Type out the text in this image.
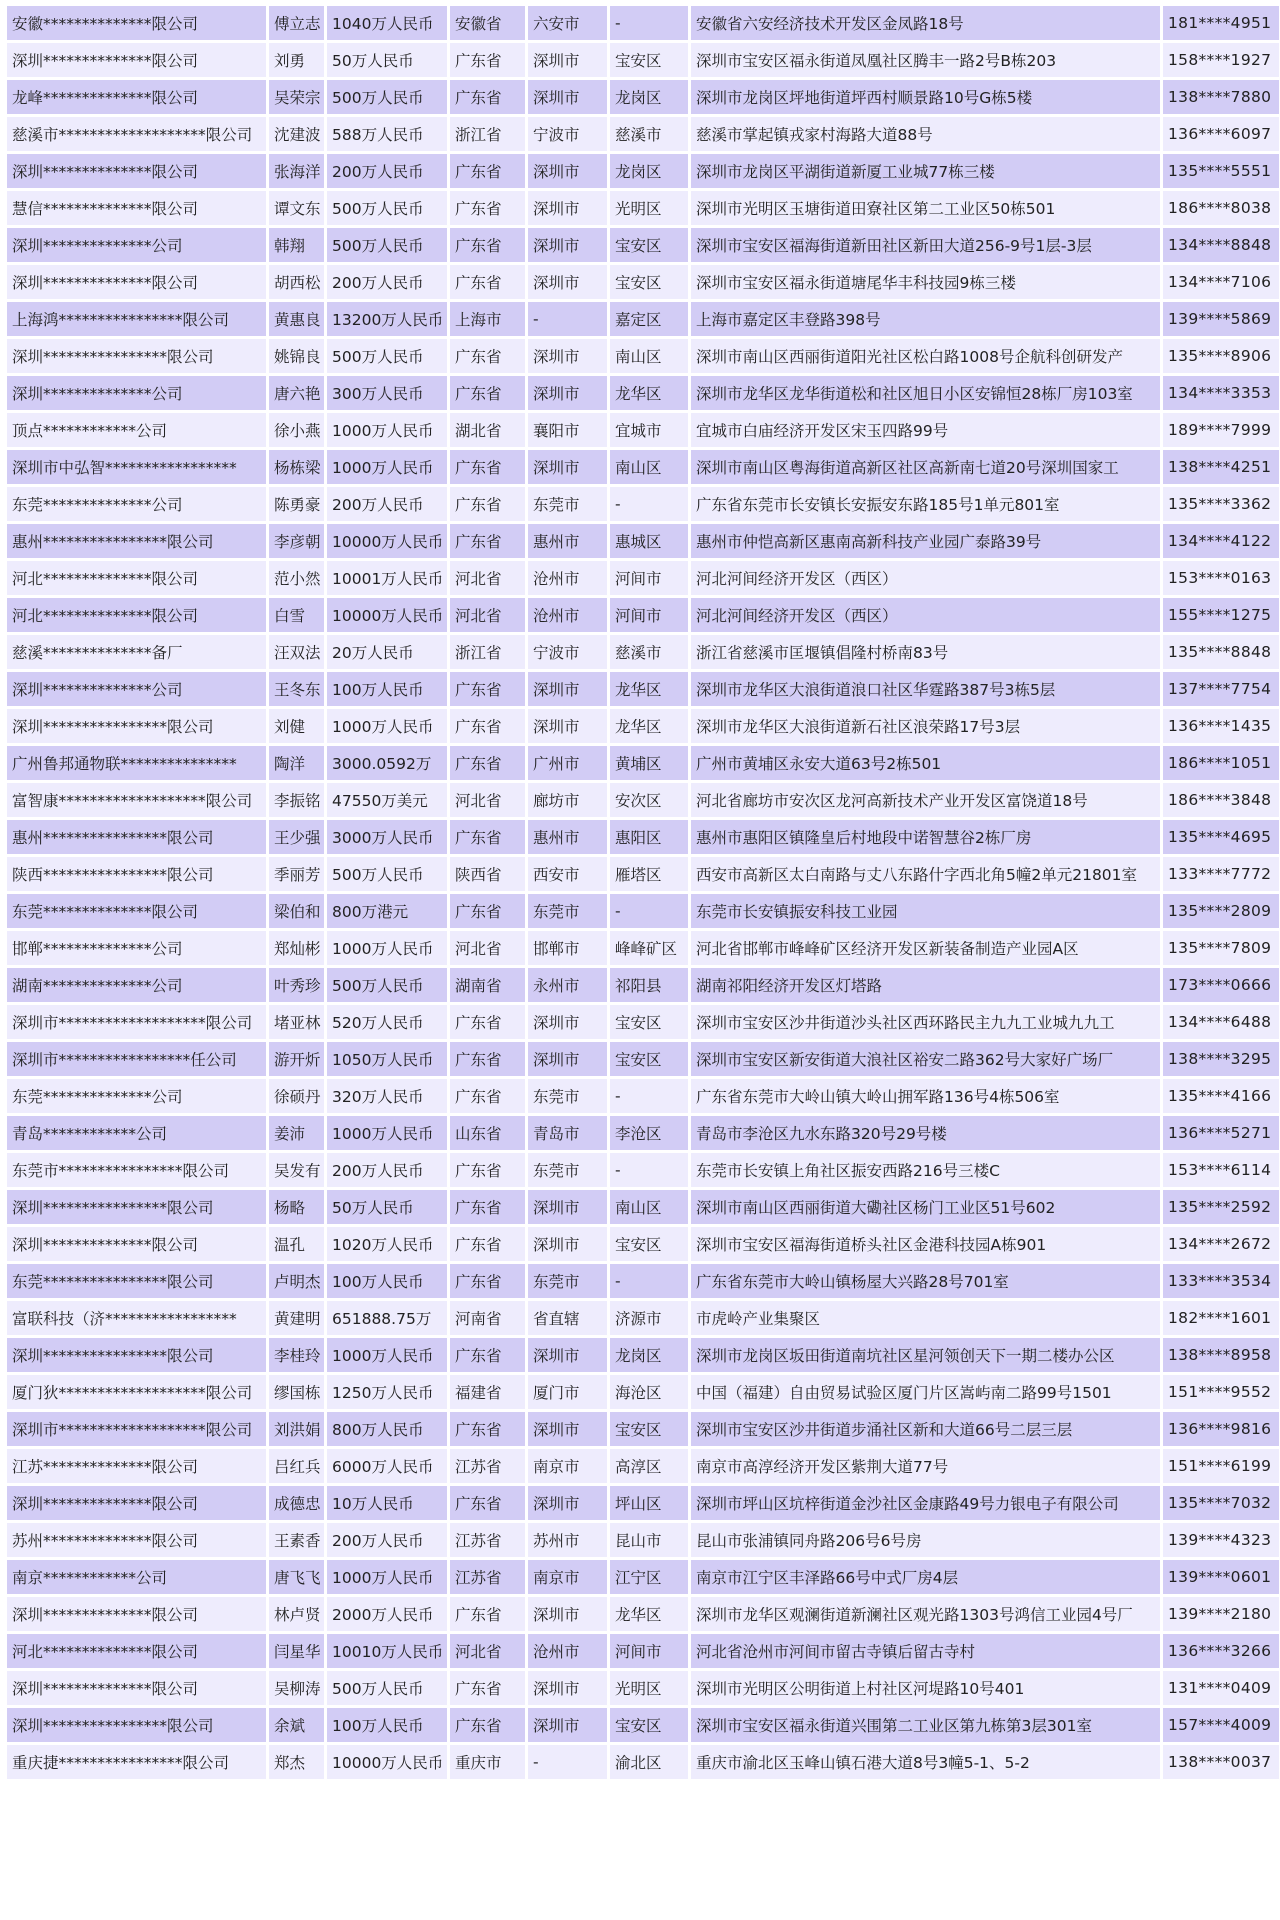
安徽**************限公司	傅立志	1040万人民币	安徽省	六安市	-	安徽省六安经济技术开发区金凤路18号	181****4951
深圳**************限公司	刘勇	50万人民币	广东省	深圳市	宝安区	深圳市宝安区福永街道凤凰社区腾丰一路2号B栋203	158****1927
龙峰**************限公司	吴荣宗	500万人民币	广东省	深圳市	龙岗区	深圳市龙岗区坪地街道坪西村顺景路10号G栋5楼	138****7880
慈溪市*******************限公司	沈建波	588万人民币	浙江省	宁波市	慈溪市	慈溪市掌起镇戎家村海路大道88号	136****6097
深圳**************限公司	张海洋	200万人民币	广东省	深圳市	龙岗区	深圳市龙岗区平湖街道新厦工业城77栋三楼	135****5551
慧信**************限公司	谭文东	500万人民币	广东省	深圳市	光明区	深圳市光明区玉塘街道田寮社区第二工业区50栋501	186****8038
深圳**************公司	韩翔	500万人民币	广东省	深圳市	宝安区	深圳市宝安区福海街道新田社区新田大道256-9号1层-3层	134****8848
深圳**************限公司	胡西松	200万人民币	广东省	深圳市	宝安区	深圳市宝安区福永街道塘尾华丰科技园9栋三楼	134****7106
上海鸿****************限公司	黄惠良	13200万人民币	上海市	-	嘉定区	上海市嘉定区丰登路398号	139****5869
深圳****************限公司	姚锦良	500万人民币	广东省	深圳市	南山区	深圳市南山区西丽街道阳光社区松白路1008号企航科创研发产	135****8906
深圳**************公司	唐六艳	300万人民币	广东省	深圳市	龙华区	深圳市龙华区龙华街道松和社区旭日小区安锦恒28栋厂房103室	134****3353
顶点************公司	徐小燕	1000万人民币	湖北省	襄阳市	宜城市	宜城市白庙经济开发区宋玉四路99号	189****7999
深圳市中弘智*****************	杨栋梁	1000万人民币	广东省	深圳市	南山区	深圳市南山区粤海街道高新区社区高新南七道20号深圳国家工	138****4251
东莞**************公司	陈勇豪	200万人民币	广东省	东莞市	-	广东省东莞市长安镇长安振安东路185号1单元801室	135****3362
惠州****************限公司	李彦朝	10000万人民币	广东省	惠州市	惠城区	惠州市仲恺高新区惠南高新科技产业园广泰路39号	134****4122
河北**************限公司	范小然	10001万人民币	河北省	沧州市	河间市	河北河间经济开发区（西区）	153****0163
河北**************限公司	白雪	10000万人民币	河北省	沧州市	河间市	河北河间经济开发区（西区）	155****1275
慈溪**************备厂	汪双法	20万人民币	浙江省	宁波市	慈溪市	浙江省慈溪市匡堰镇倡隆村桥南83号	135****8848
深圳**************公司	王冬东	100万人民币	广东省	深圳市	龙华区	深圳市龙华区大浪街道浪口社区华霆路387号3栋5层	137****7754
深圳****************限公司	刘健	1000万人民币	广东省	深圳市	龙华区	深圳市龙华区大浪街道新石社区浪荣路17号3层	136****1435
广州鲁邦通物联***************	陶洋	3000.0592万	广东省	广州市	黄埔区	广州市黄埔区永安大道63号2栋501	186****1051
富智康*******************限公司	李振铭	47550万美元	河北省	廊坊市	安次区	河北省廊坊市安次区龙河高新技术产业开发区富饶道18号	186****3848
惠州****************限公司	王少强	3000万人民币	广东省	惠州市	惠阳区	惠州市惠阳区镇隆皇后村地段中诺智慧谷2栋厂房	135****4695
陕西****************限公司	季丽芳	500万人民币	陕西省	西安市	雁塔区	西安市高新区太白南路与丈八东路什字西北角5幢2单元21801室	133****7772
东莞**************限公司	梁伯和	800万港元	广东省	东莞市	-	东莞市长安镇振安科技工业园	135****2809
邯郸**************公司	郑灿彬	1000万人民币	河北省	邯郸市	峰峰矿区	河北省邯郸市峰峰矿区经济开发区新装备制造产业园A区	135****7809
湖南**************公司	叶秀珍	500万人民币	湖南省	永州市	祁阳县	湖南祁阳经济开发区灯塔路	173****0666
深圳市*******************限公司	堵亚林	520万人民币	广东省	深圳市	宝安区	深圳市宝安区沙井街道沙头社区西环路民主九九工业城九九工	134****6488
深圳市*****************任公司	游开炘	1050万人民币	广东省	深圳市	宝安区	深圳市宝安区新安街道大浪社区裕安二路362号大家好广场厂	138****3295
东莞**************公司	徐硕丹	320万人民币	广东省	东莞市	-	广东省东莞市大岭山镇大岭山拥军路136号4栋506室	135****4166
青岛************公司	姜沛	1000万人民币	山东省	青岛市	李沧区	青岛市李沧区九水东路320号29号楼	136****5271
东莞市****************限公司	吴发有	200万人民币	广东省	东莞市	-	东莞市长安镇上角社区振安西路216号三楼C	153****6114
深圳****************限公司	杨略	50万人民币	广东省	深圳市	南山区	深圳市南山区西丽街道大磡社区杨门工业区51号602	135****2592
深圳**************限公司	温孔	1020万人民币	广东省	深圳市	宝安区	深圳市宝安区福海街道桥头社区金港科技园A栋901	134****2672
东莞****************限公司	卢明杰	100万人民币	广东省	东莞市	-	广东省东莞市大岭山镇杨屋大兴路28号701室	133****3534
富联科技（济*****************	黄建明	651888.75万	河南省	省直辖	济源市	市虎岭产业集聚区	182****1601
深圳****************限公司	李桂玲	1000万人民币	广东省	深圳市	龙岗区	深圳市龙岗区坂田街道南坑社区星河领创天下一期二楼办公区	138****8958
厦门狄*******************限公司	缪国栋	1250万人民币	福建省	厦门市	海沧区	中国（福建）自由贸易试验区厦门片区嵩屿南二路99号1501	151****9552
深圳市*******************限公司	刘洪娟	800万人民币	广东省	深圳市	宝安区	深圳市宝安区沙井街道步涌社区新和大道66号二层三层	136****9816
江苏**************限公司	吕红兵	6000万人民币	江苏省	南京市	高淳区	南京市高淳经济开发区紫荆大道77号	151****6199
深圳**************限公司	成德忠	10万人民币	广东省	深圳市	坪山区	深圳市坪山区坑梓街道金沙社区金康路49号力银电子有限公司	135****7032
苏州**************限公司	王素香	200万人民币	江苏省	苏州市	昆山市	昆山市张浦镇同舟路206号6号房	139****4323
南京************公司	唐飞飞	1000万人民币	江苏省	南京市	江宁区	南京市江宁区丰泽路66号中式厂房4层	139****0601
深圳**************限公司	林卢贤	2000万人民币	广东省	深圳市	龙华区	深圳市龙华区观澜街道新澜社区观光路1303号鸿信工业园4号厂	139****2180
河北**************限公司	闫星华	10010万人民币	河北省	沧州市	河间市	河北省沧州市河间市留古寺镇后留古寺村	136****3266
深圳**************限公司	吴柳涛	500万人民币	广东省	深圳市	光明区	深圳市光明区公明街道上村社区河堤路10号401	131****0409
深圳****************限公司	余斌	100万人民币	广东省	深圳市	宝安区	深圳市宝安区福永街道兴围第二工业区第九栋第3层301室	157****4009
重庆捷****************限公司	郑杰	10000万人民币	重庆市	-	渝北区	重庆市渝北区玉峰山镇石港大道8号3幢5-1、5-2	138****0037
